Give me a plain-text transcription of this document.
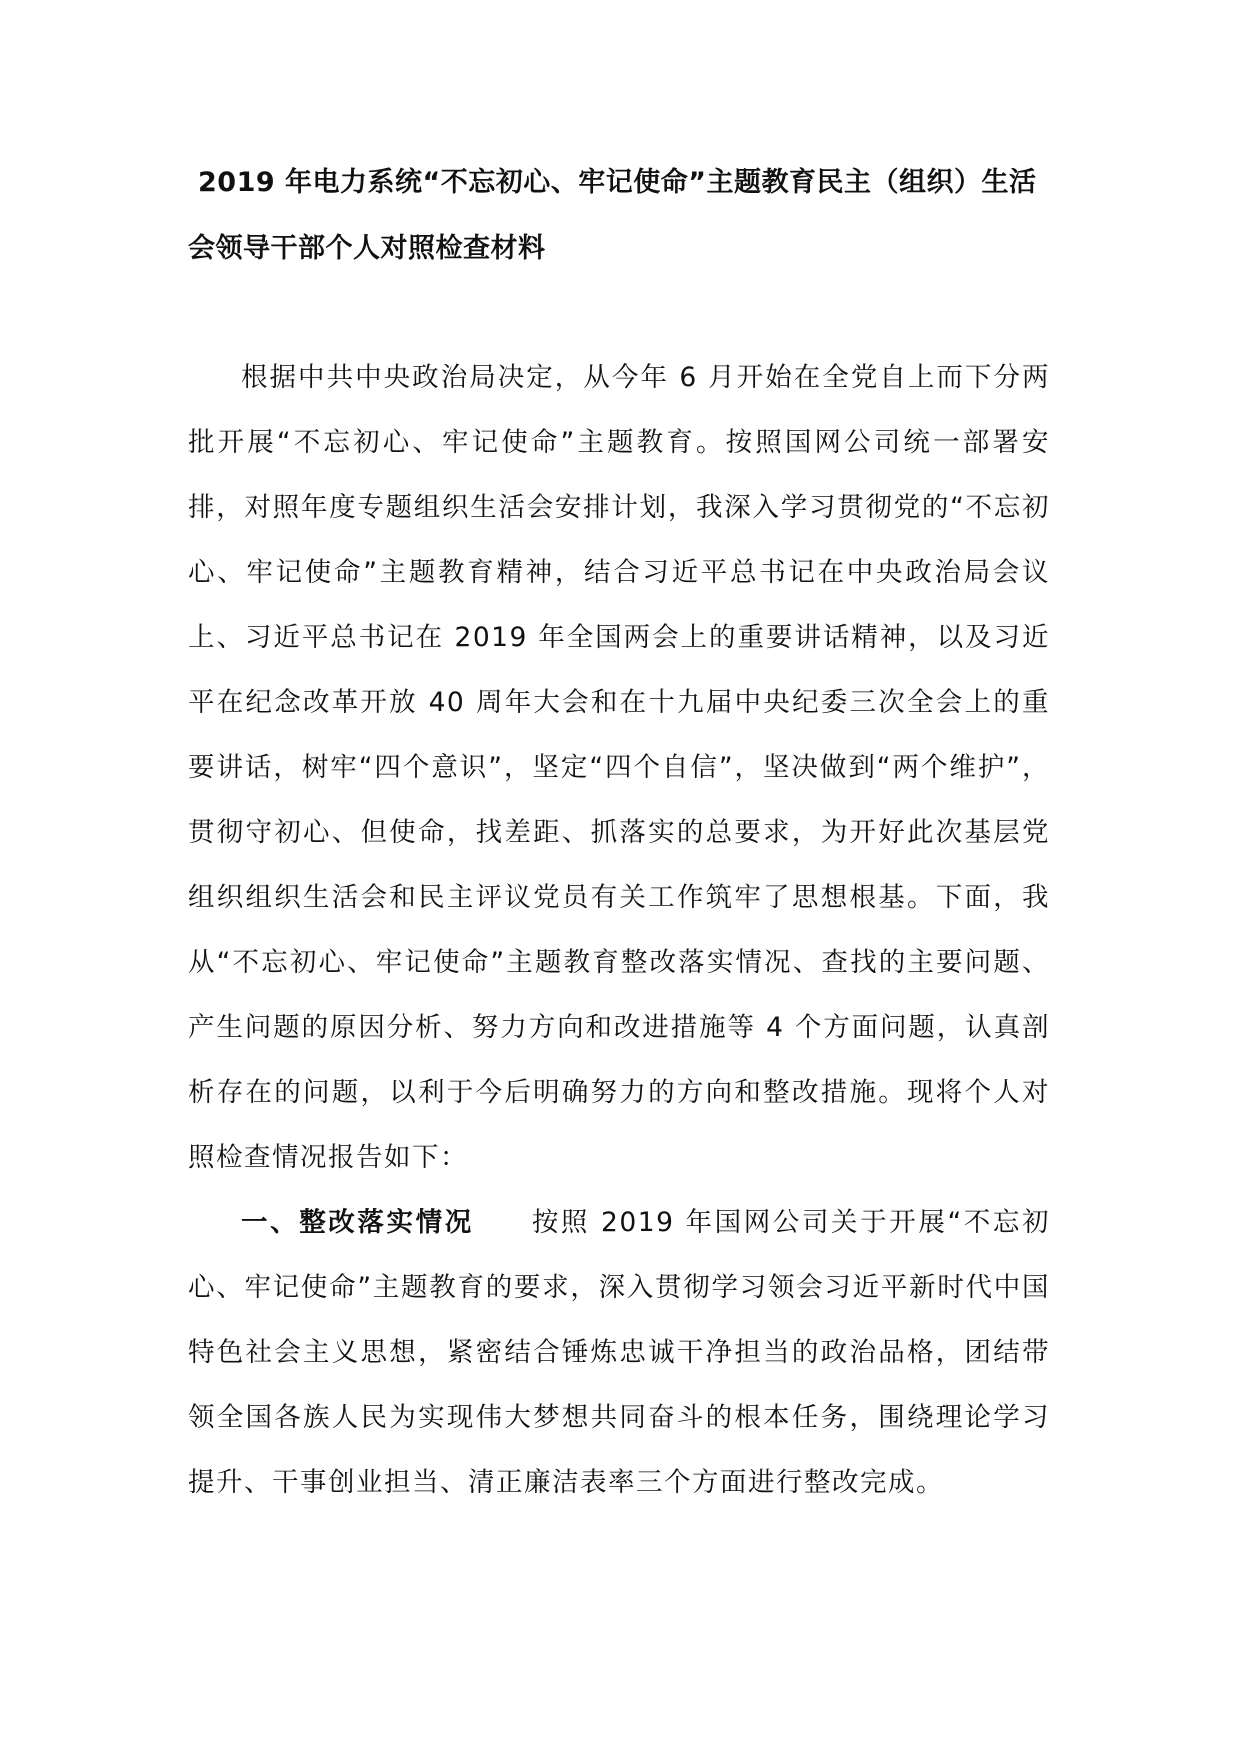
2019 年电力系统“不忘初心、牢记使命”主题教育民主（组织）生活会领导干部个人对照检查材料

根据中共中央政治局决定，从今年 6 月开始在全党自上而下分两批开展“不忘初心、牢记使命”主题教育。按照国网公司统一部署安排，对照年度专题组织生活会安排计划，我深入学习贯彻党的“不忘初心、牢记使命”主题教育精神，结合习近平总书记在中央政治局会议上、习近平总书记在 2019 年全国两会上的重要讲话精神，以及习近平在纪念改革开放 40 周年大会和在十九届中央纪委三次全会上的重要讲话，树牢“四个意识”，坚定“四个自信”，坚决做到“两个维护”，贯彻守初心、但使命，找差距、抓落实的总要求，为开好此次基层党组织组织生活会和民主评议党员有关工作筑牢了思想根基。下面，我从“不忘初心、牢记使命”主题教育整改落实情况、查找的主要问题、产生问题的原因分析、努力方向和改进措施等 4 个方面问题，认真剖析存在的问题，以利于今后明确努力的方向和整改措施。现将个人对照检查情况报告如下：

一、整改落实情况 按照 2019 年国网公司关于开展“不忘初心、牢记使命”主题教育的要求，深入贯彻学习领会习近平新时代中国特色社会主义思想，紧密结合锤炼忠诚干净担当的政治品格，团结带领全国各族人民为实现伟大梦想共同奋斗的根本任务，围绕理论学习提升、干事创业担当、清正廉洁表率三个方面进行整改完成。
